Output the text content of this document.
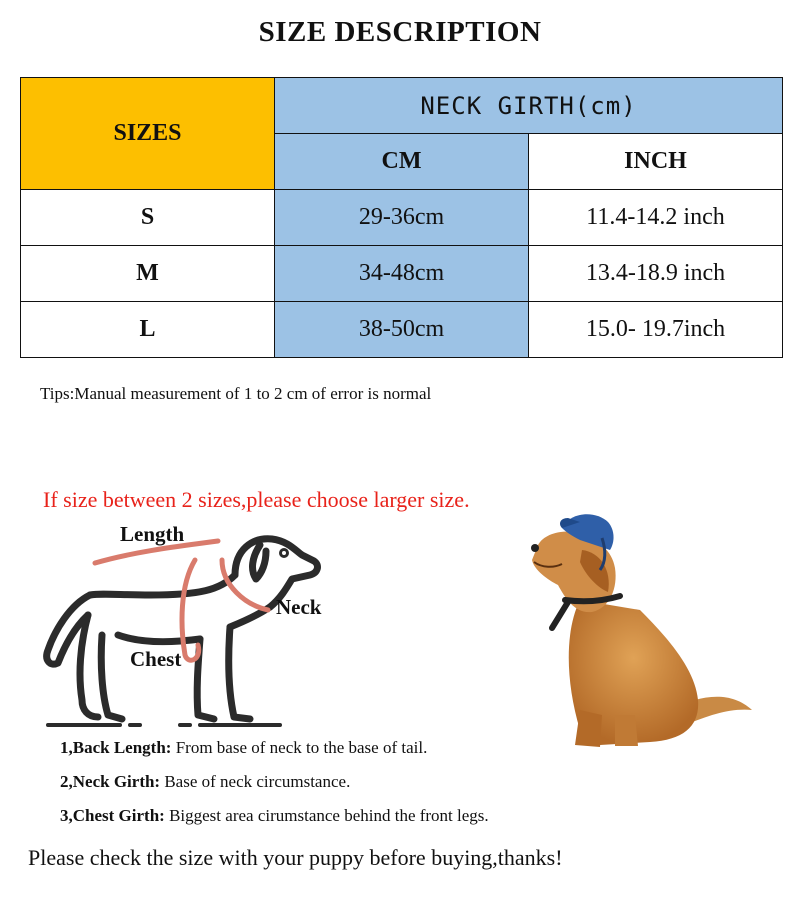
SIZE DESCRIPTION
SIZES	NECK GIRTH(cm)	
	CM	INCH
S	29-36cm	11.4-14.2 inch
M	34-48cm	13.4-18.9 inch
L	38-50cm	15.0- 19.7inch
Tips:Manual measurement of 1 to 2 cm of error is normal
If size between 2 sizes,please choose larger size.
Length
Neck
Chest
1,Back Length: From base of neck to the base of tail.
2,Neck Girth: Base of neck circumstance.
3,Chest Girth: Biggest area cirumstance behind the front legs.
Please check the size with your puppy before buying,thanks!
